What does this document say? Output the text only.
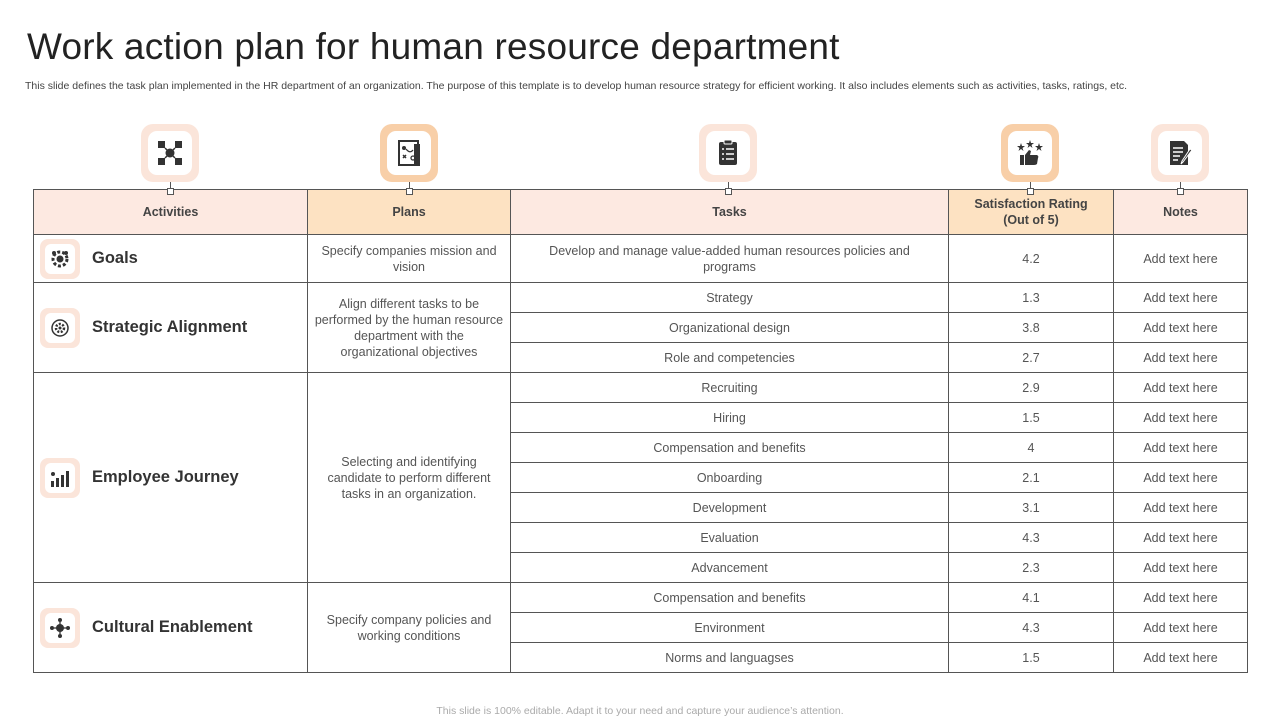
Work action plan for human resource department

This slide defines the task plan implemented in the HR department of an organization. The purpose of this template is to develop human resource strategy for efficient working. It also includes elements such as activities, tasks, ratings, etc.

Activities	Plans	Tasks	Satisfaction Rating (Out of 5)	Notes

Goals	Specify companies mission and vision	Develop and manage value-added human resources policies and programs	4.2	Add text here

Strategic Alignment	Align different tasks to be performed by the human resource department with the organizational objectives	Strategy	1.3	Add text here
		Organizational design	3.8	Add text here
		Role and competencies	2.7	Add text here

Employee Journey	Selecting and identifying candidate to perform different tasks in an organization.	Recruiting	2.9	Add text here
		Hiring	1.5	Add text here
		Compensation and benefits	4	Add text here
		Onboarding	2.1	Add text here
		Development	3.1	Add text here
		Evaluation	4.3	Add text here
		Advancement	2.3	Add text here

Cultural Enablement	Specify company policies and working conditions	Compensation and benefits	4.1	Add text here
		Environment	4.3	Add text here
		Norms and languagses	1.5	Add text here
This slide is 100% editable. Adapt it to your need and capture your audience’s attention.
